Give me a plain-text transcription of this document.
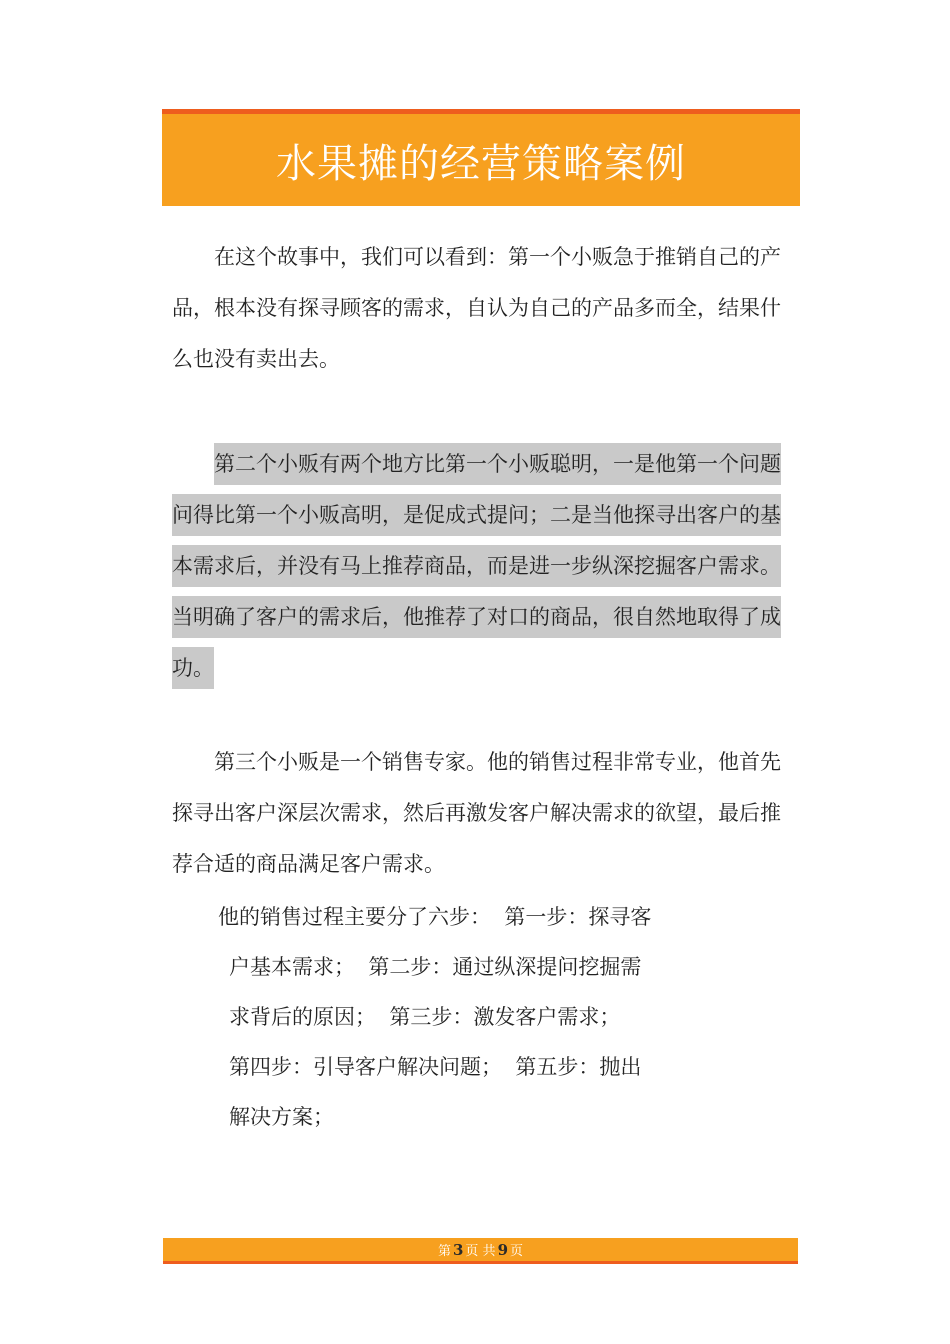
水果摊的经营策略案例

在这个故事中，我们可以看到：第一个小贩急于推销自己的产品，根本没有探寻顾客的需求，自认为自己的产品多而全，结果什么也没有卖出去。

第二个小贩有两个地方比第一个小贩聪明，一是他第一个问题问得比第一个小贩高明，是促成式提问；二是当他探寻出客户的基本需求后，并没有马上推荐商品，而是进一步纵深挖掘客户需求。当明确了客户的需求后，他推荐了对口的商品，很自然地取得了成功。

第三个小贩是一个销售专家。他的销售过程非常专业，他首先探寻出客户深层次需求，然后再激发客户解决需求的欲望，最后推荐合适的商品满足客户需求。

他的销售过程主要分了六步：  第一步：探寻客
户基本需求；  第二步：通过纵深提问挖掘需
求背后的原因；  第三步：激发客户需求；
第四步：引导客户解决问题；  第五步：抛出
解决方案；
第 3 页 共 9 页
